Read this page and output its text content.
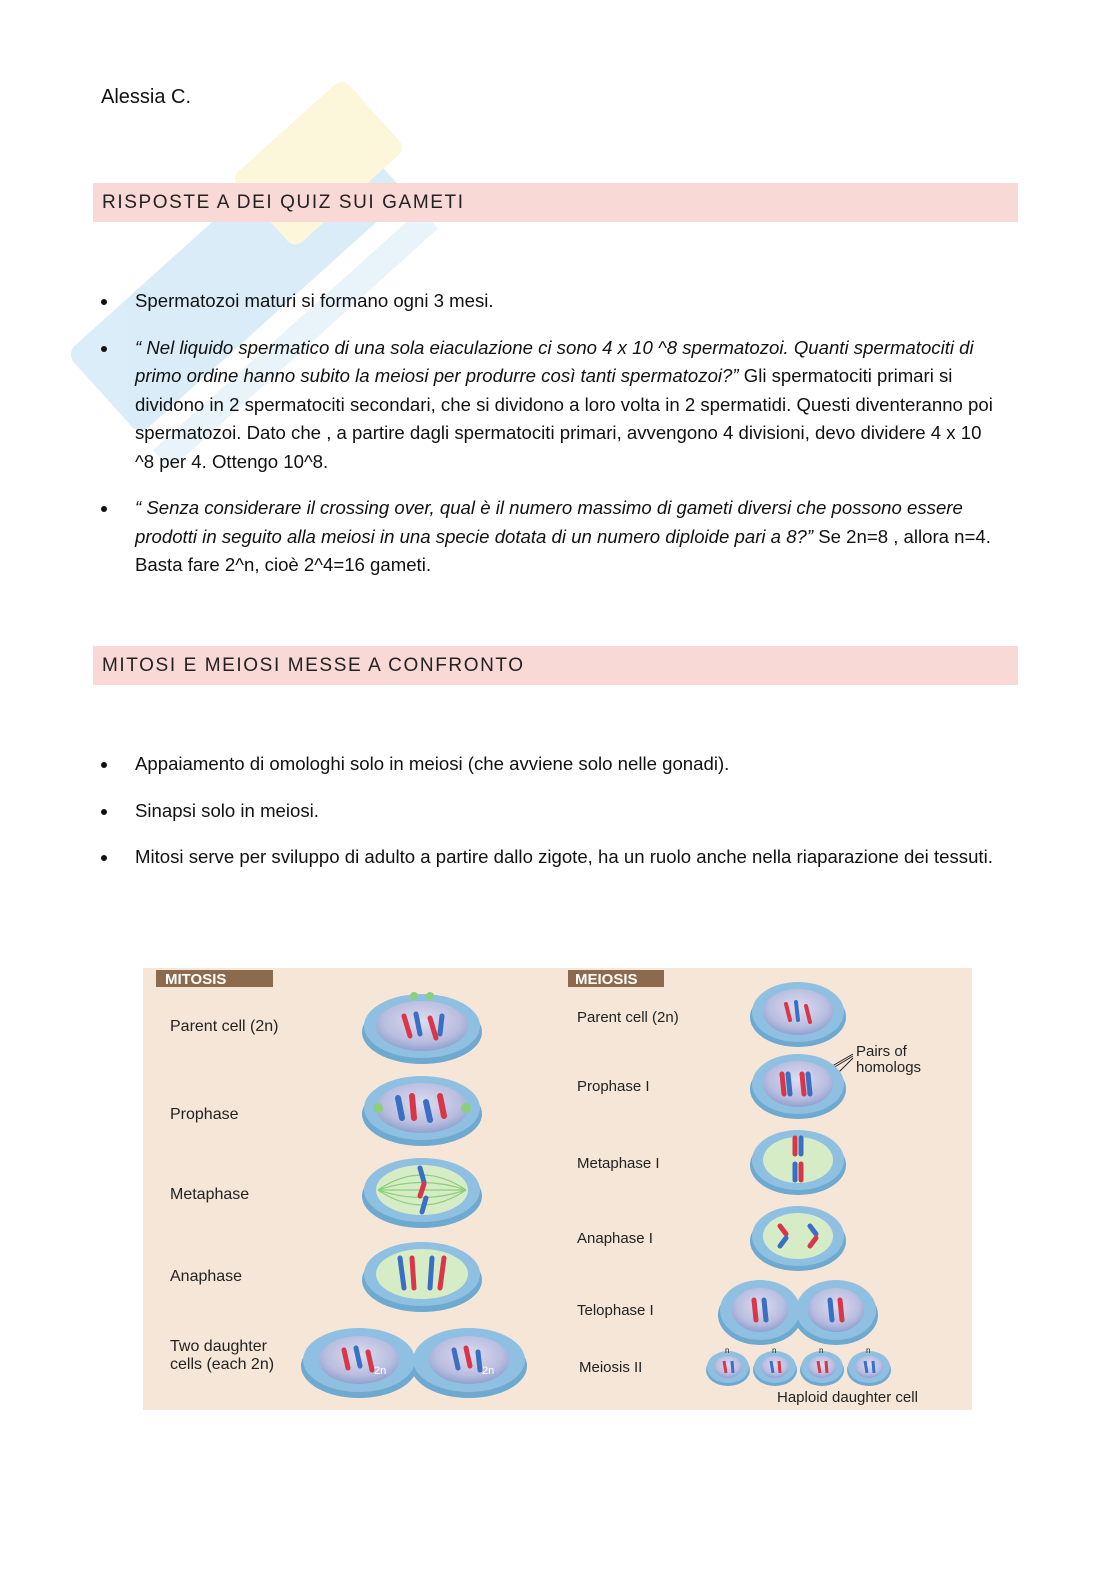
Alessia C.
RISPOSTE A DEI QUIZ SUI GAMETI
Spermatozoi maturi si formano ogni 3 mesi.
“ Nel liquido spermatico di una sola eiaculazione ci sono 4 x 10 ^8 spermatozoi. Quanti spermatociti di primo ordine hanno subito la meiosi per produrre così tanti spermatozoi?” Gli spermatociti primari si dividono in 2 spermatociti secondari, che si dividono a loro volta in 2 spermatidi. Questi diventeranno poi spermatozoi. Dato che , a partire dagli spermatociti primari, avvengono 4 divisioni, devo dividere 4 x 10 ^8 per 4. Ottengo 10^8.
“ Senza considerare il crossing over, qual è il numero massimo di gameti diversi che possono essere prodotti in seguito alla meiosi in una specie dotata di un numero diploide pari a 8?” Se 2n=8 , allora n=4. Basta fare 2^n, cioè 2^4=16 gameti.
MITOSI E MEIOSI MESSE A CONFRONTO
Appaiamento di omologhi solo in meiosi (che avviene solo nelle gonadi).
Sinapsi solo in meiosi.
Mitosi serve per sviluppo di adulto a partire dallo zigote, ha un ruolo anche nella riaparazione dei tessuti.
MITOSIS	MEIOSIS
Parent cell (2n)
Prophase
Metaphase
Anaphase
Two daughter
cells (each 2n)
Parent cell (2n)
Prophase I
Metaphase I
Anaphase I
Telophase I
Meiosis II
Pairs of
homologs
Haploid daughter cell
2n	2n
n	n	n	n
